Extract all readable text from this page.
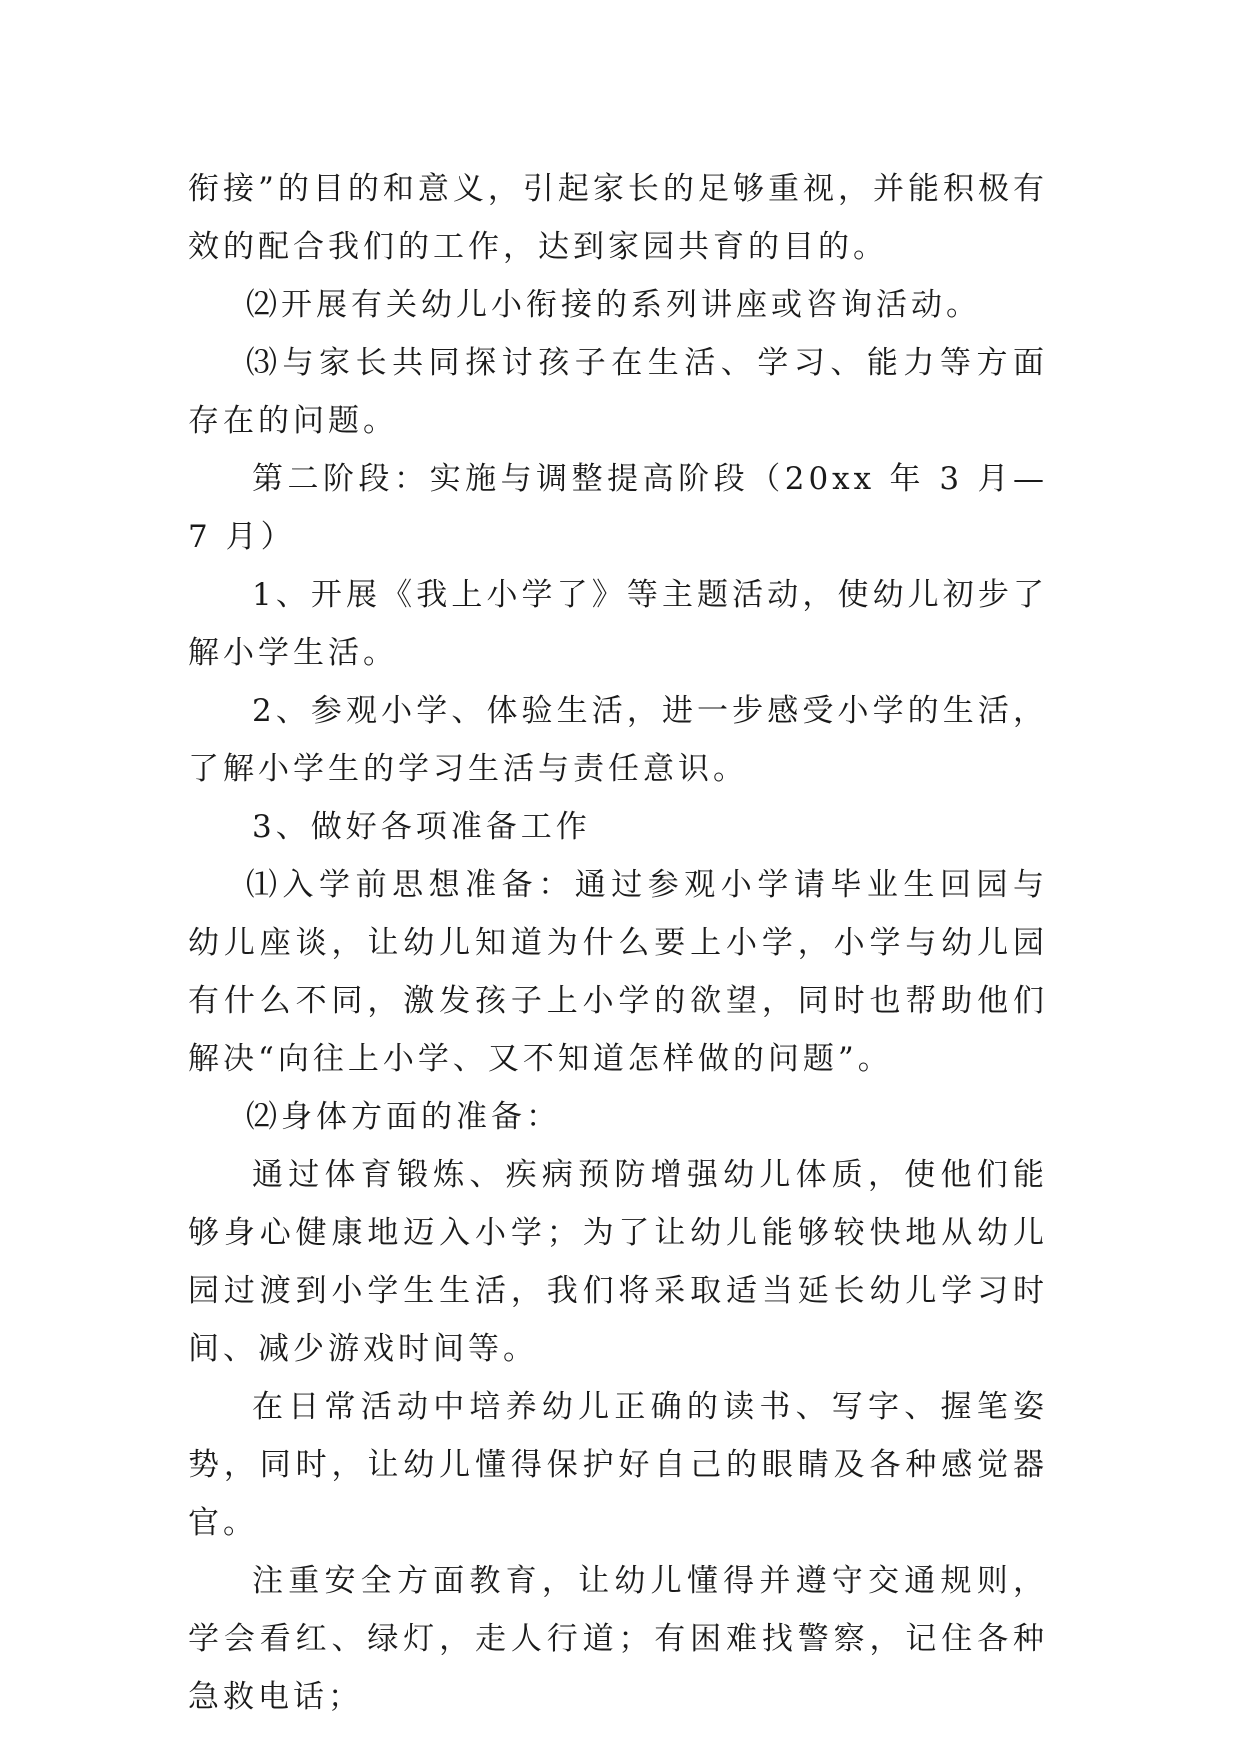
衔接”的目的和意义，引起家长的足够重视，并能积极有效的配合我们的工作，达到家园共育的目的。

⑵开展有关幼儿小衔接的系列讲座或咨询活动。

⑶与家长共同探讨孩子在生活、学习、能力等方面存在的问题。

第二阶段：实施与调整提高阶段（20xx 年 3 月—7 月）

1、开展《我上小学了》等主题活动，使幼儿初步了解小学生活。

2、参观小学、体验生活，进一步感受小学的生活，了解小学生的学习生活与责任意识。

3、做好各项准备工作

⑴入学前思想准备：通过参观小学请毕业生回园与幼儿座谈，让幼儿知道为什么要上小学，小学与幼儿园有什么不同，激发孩子上小学的欲望，同时也帮助他们解决“向往上小学、又不知道怎样做的问题”。

⑵身体方面的准备：

通过体育锻炼、疾病预防增强幼儿体质，使他们能够身心健康地迈入小学；为了让幼儿能够较快地从幼儿园过渡到小学生生活，我们将采取适当延长幼儿学习时间、减少游戏时间等。

在日常活动中培养幼儿正确的读书、写字、握笔姿势，同时，让幼儿懂得保护好自己的眼睛及各种感觉器官。

注重安全方面教育，让幼儿懂得并遵守交通规则，学会看红、绿灯，走人行道；有困难找警察，记住各种急救电话；
